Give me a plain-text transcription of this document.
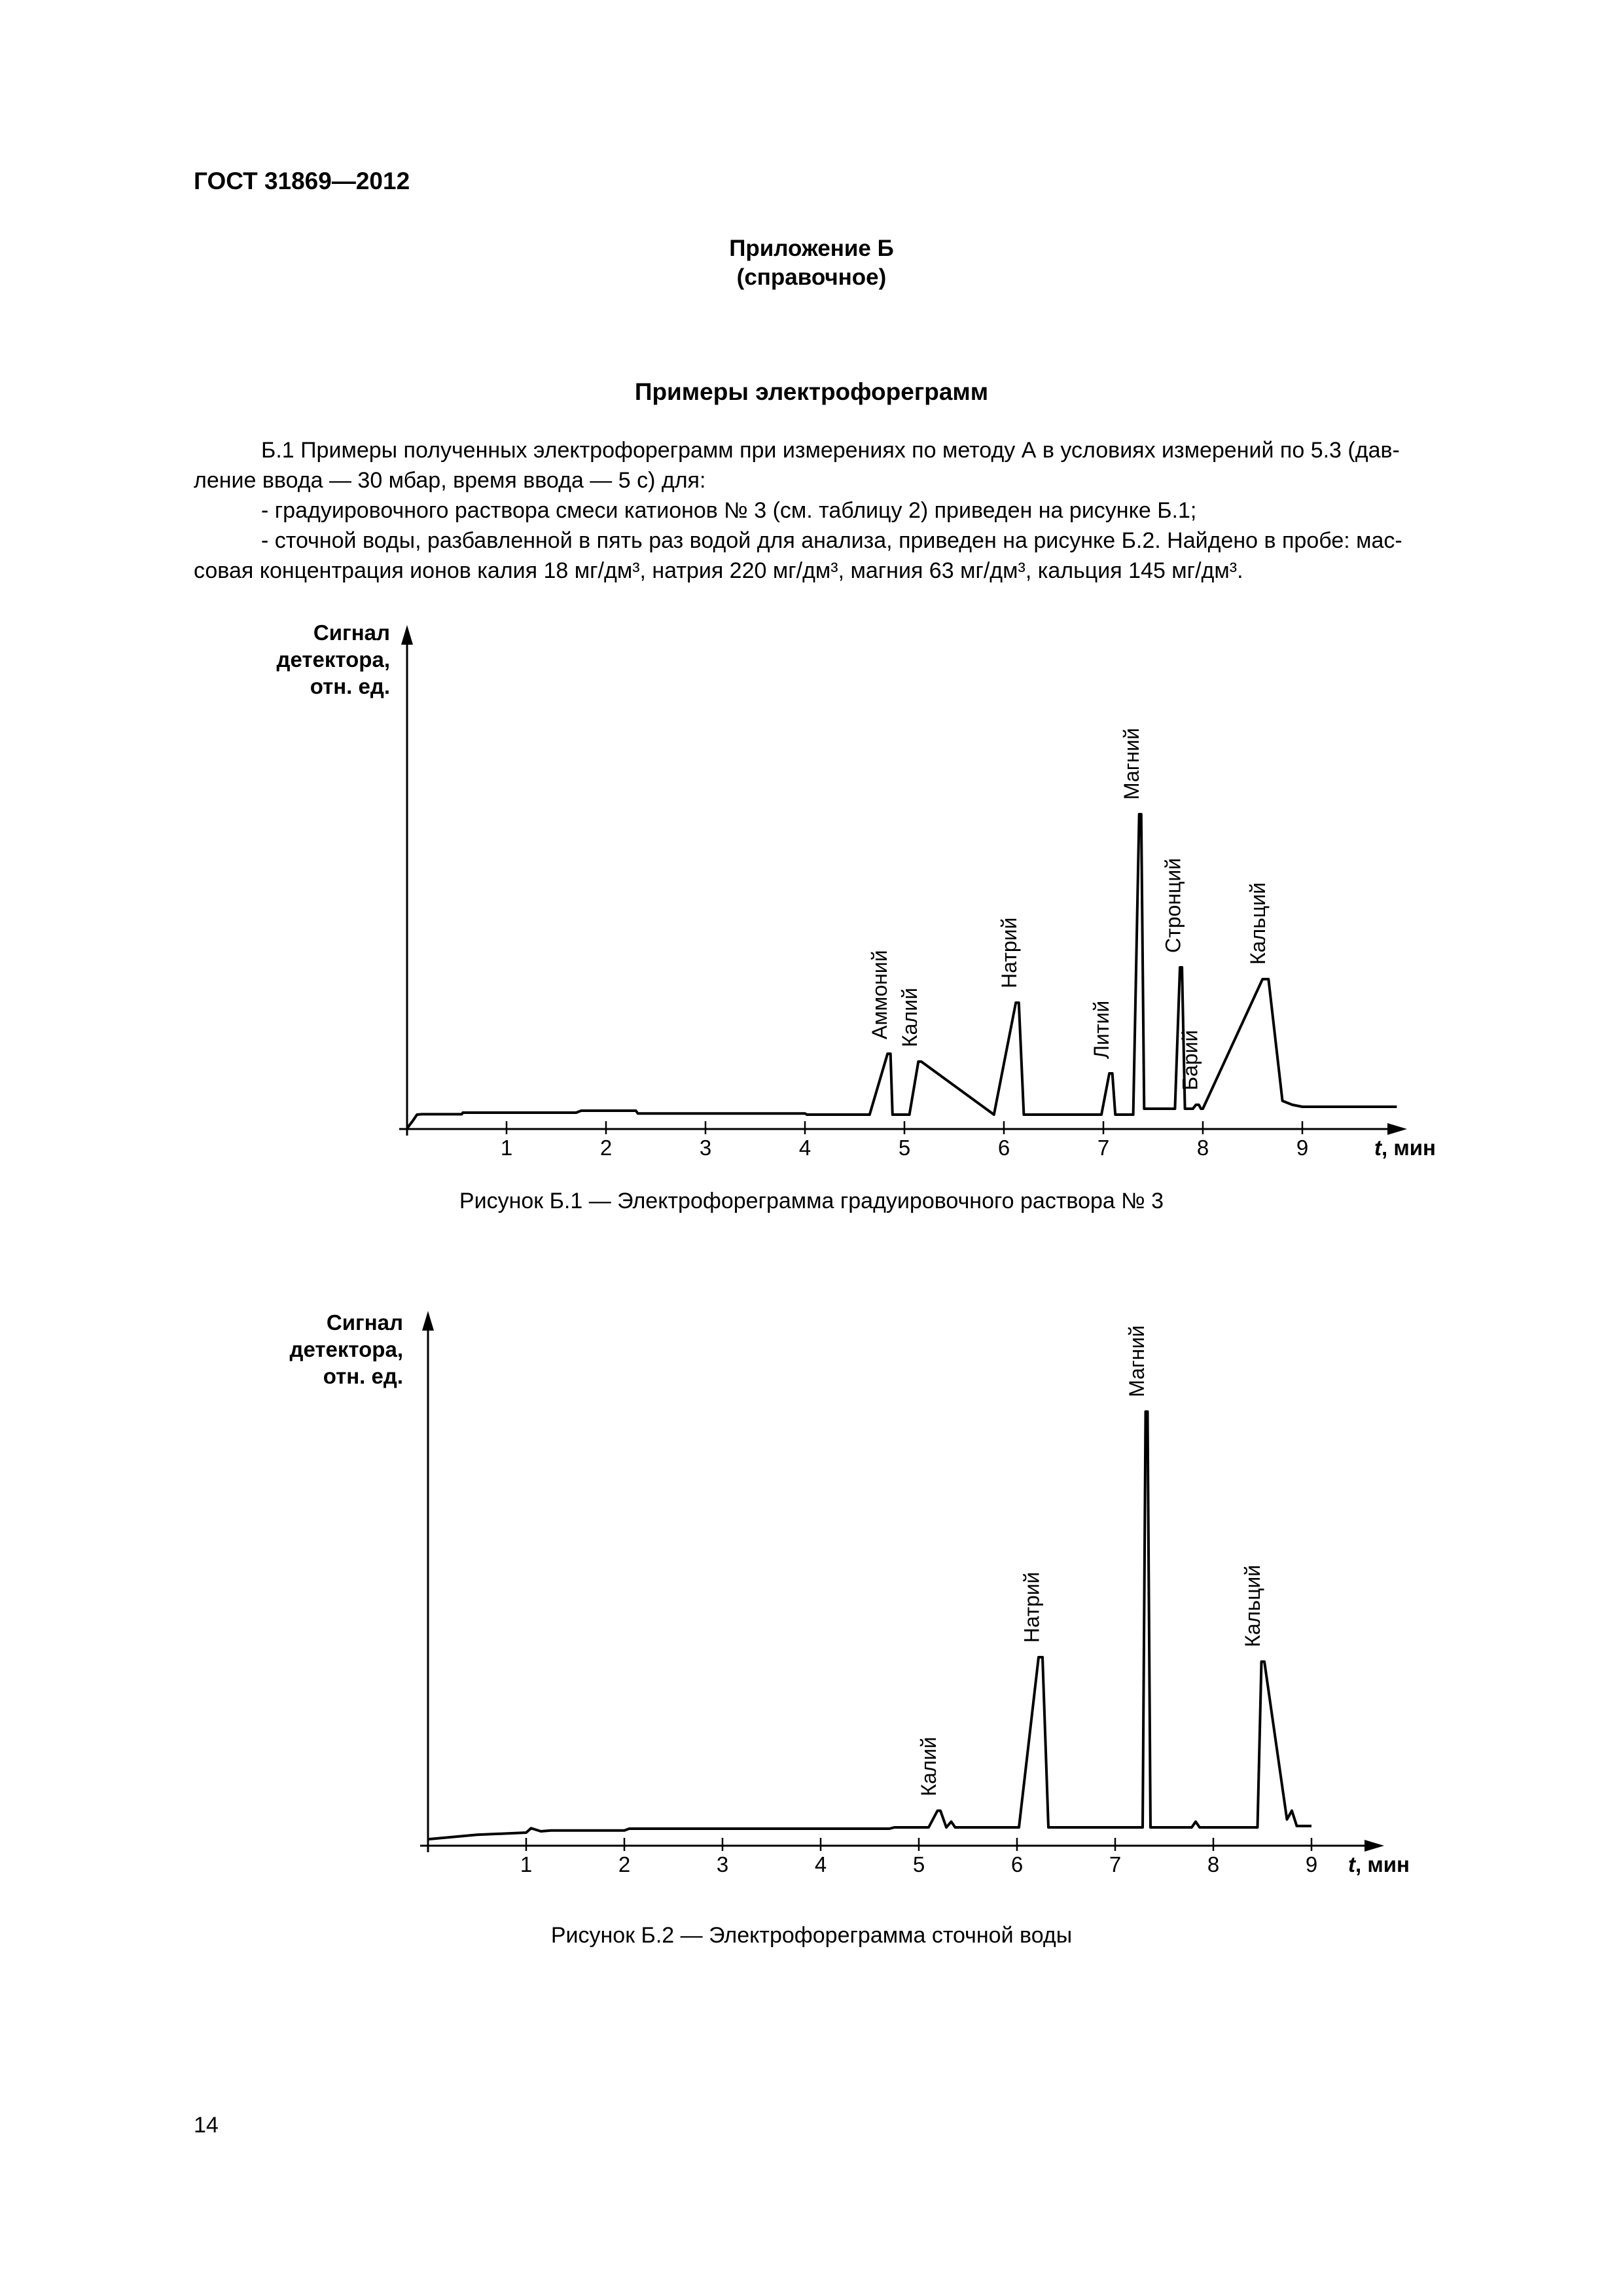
ГОСТ 31869—2012
Приложение Б
(справочное)
Примеры электрофореграмм

Б.1 Примеры полученных электрофореграмм при измерениях по методу А в условиях измерений по 5.3 (дав-

ление ввода — 30 мбар, время ввода — 5 с) для:

- градуировочного раствора смеси катионов № 3 (см. таблицу 2) приведен на рисунке Б.1;

- сточной воды, разбавленной в пять раз водой для анализа, приведен на рисунке Б.2. Найдено в пробе: мас-

совая концентрация ионов калия 18 мг/дм³, натрия 220 мг/дм³, магния 63 мг/дм³, кальция 145 мг/дм³.

Сигнал
детектора,
отн. ед.
1	2	3	4	5	6	7	8	9	t, мин
Аммоний Калий
Натрий
Литий
Магний
Стронций
Барий
Кальций
Рисунок Б.1 — Электрофореграмма градуировочного раствора № 3
Сигнал
детектора,
отн. ед.
1	2	3	4	5	6	7	8	9 t, мин
Калий
Натрий
Магний
Кальций
Рисунок Б.2 — Электрофореграмма сточной воды
14
